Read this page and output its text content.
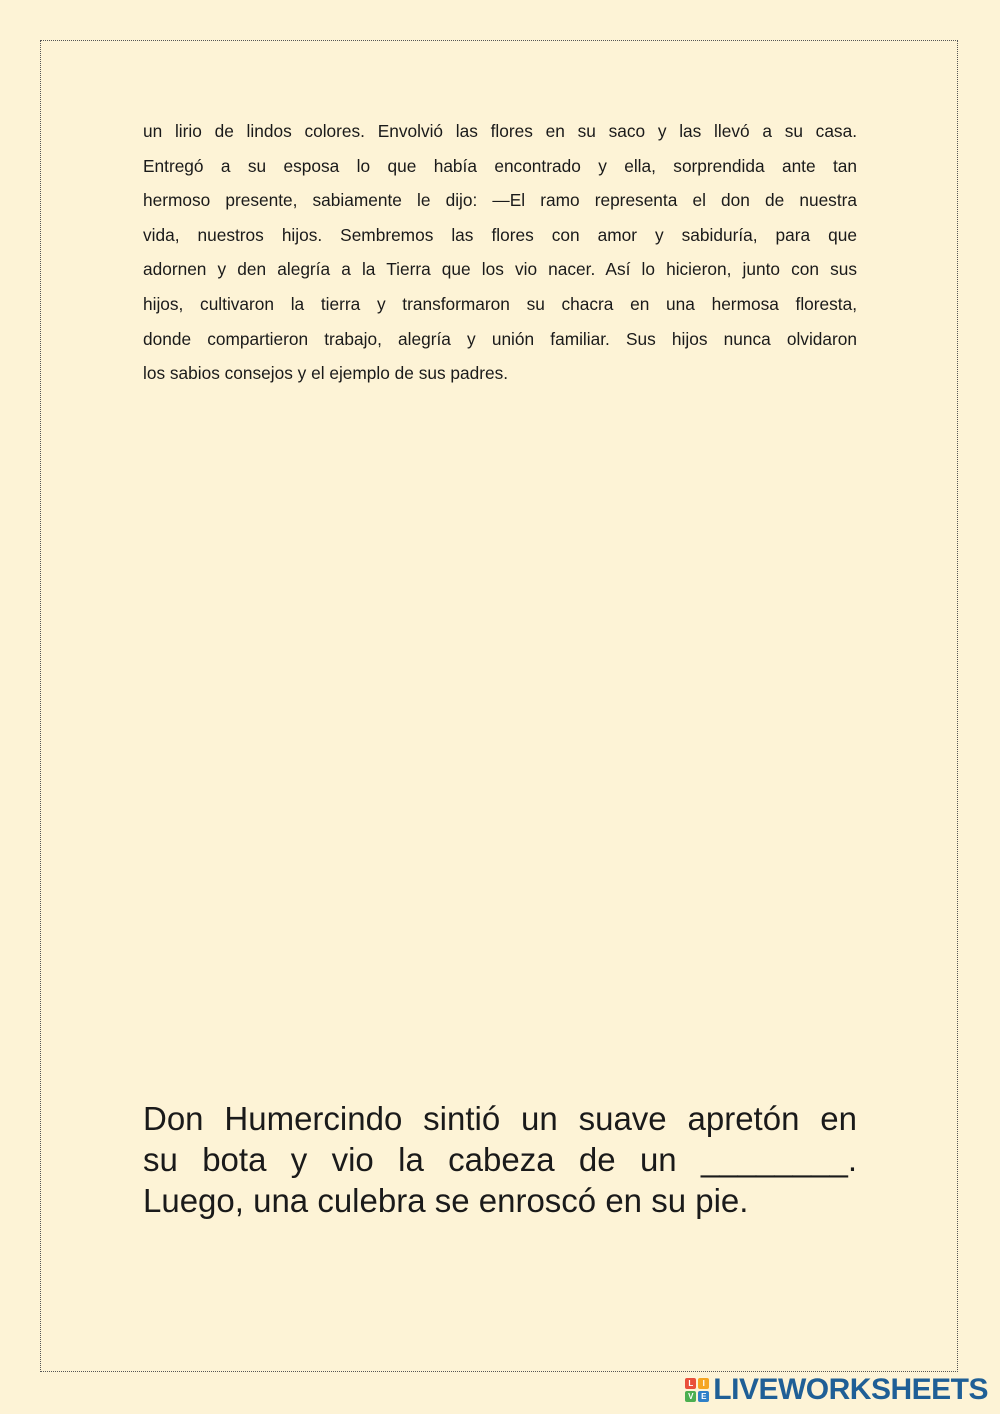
un lirio de lindos colores. Envolvió las flores en su saco y las llevó a su casa.
Entregó a su esposa lo que había encontrado y ella, sorprendida ante tan
hermoso presente, sabiamente le dijo: —El ramo representa el don de nuestra
vida, nuestros hijos. Sembremos las flores con amor y sabiduría, para que
adornen y den alegría a la Tierra que los vio nacer. Así lo hicieron, junto con sus
hijos, cultivaron la tierra y transformaron su chacra en una hermosa floresta,
donde compartieron trabajo, alegría y unión familiar. Sus hijos nunca olvidaron
los sabios consejos y el ejemplo de sus padres.

Don Humercindo sintió un suave apretón en
su bota y vio la cabeza de un ________.
Luego, una culebra se enroscó en su pie.
L	I
V E LIVEWORKSHEETS
